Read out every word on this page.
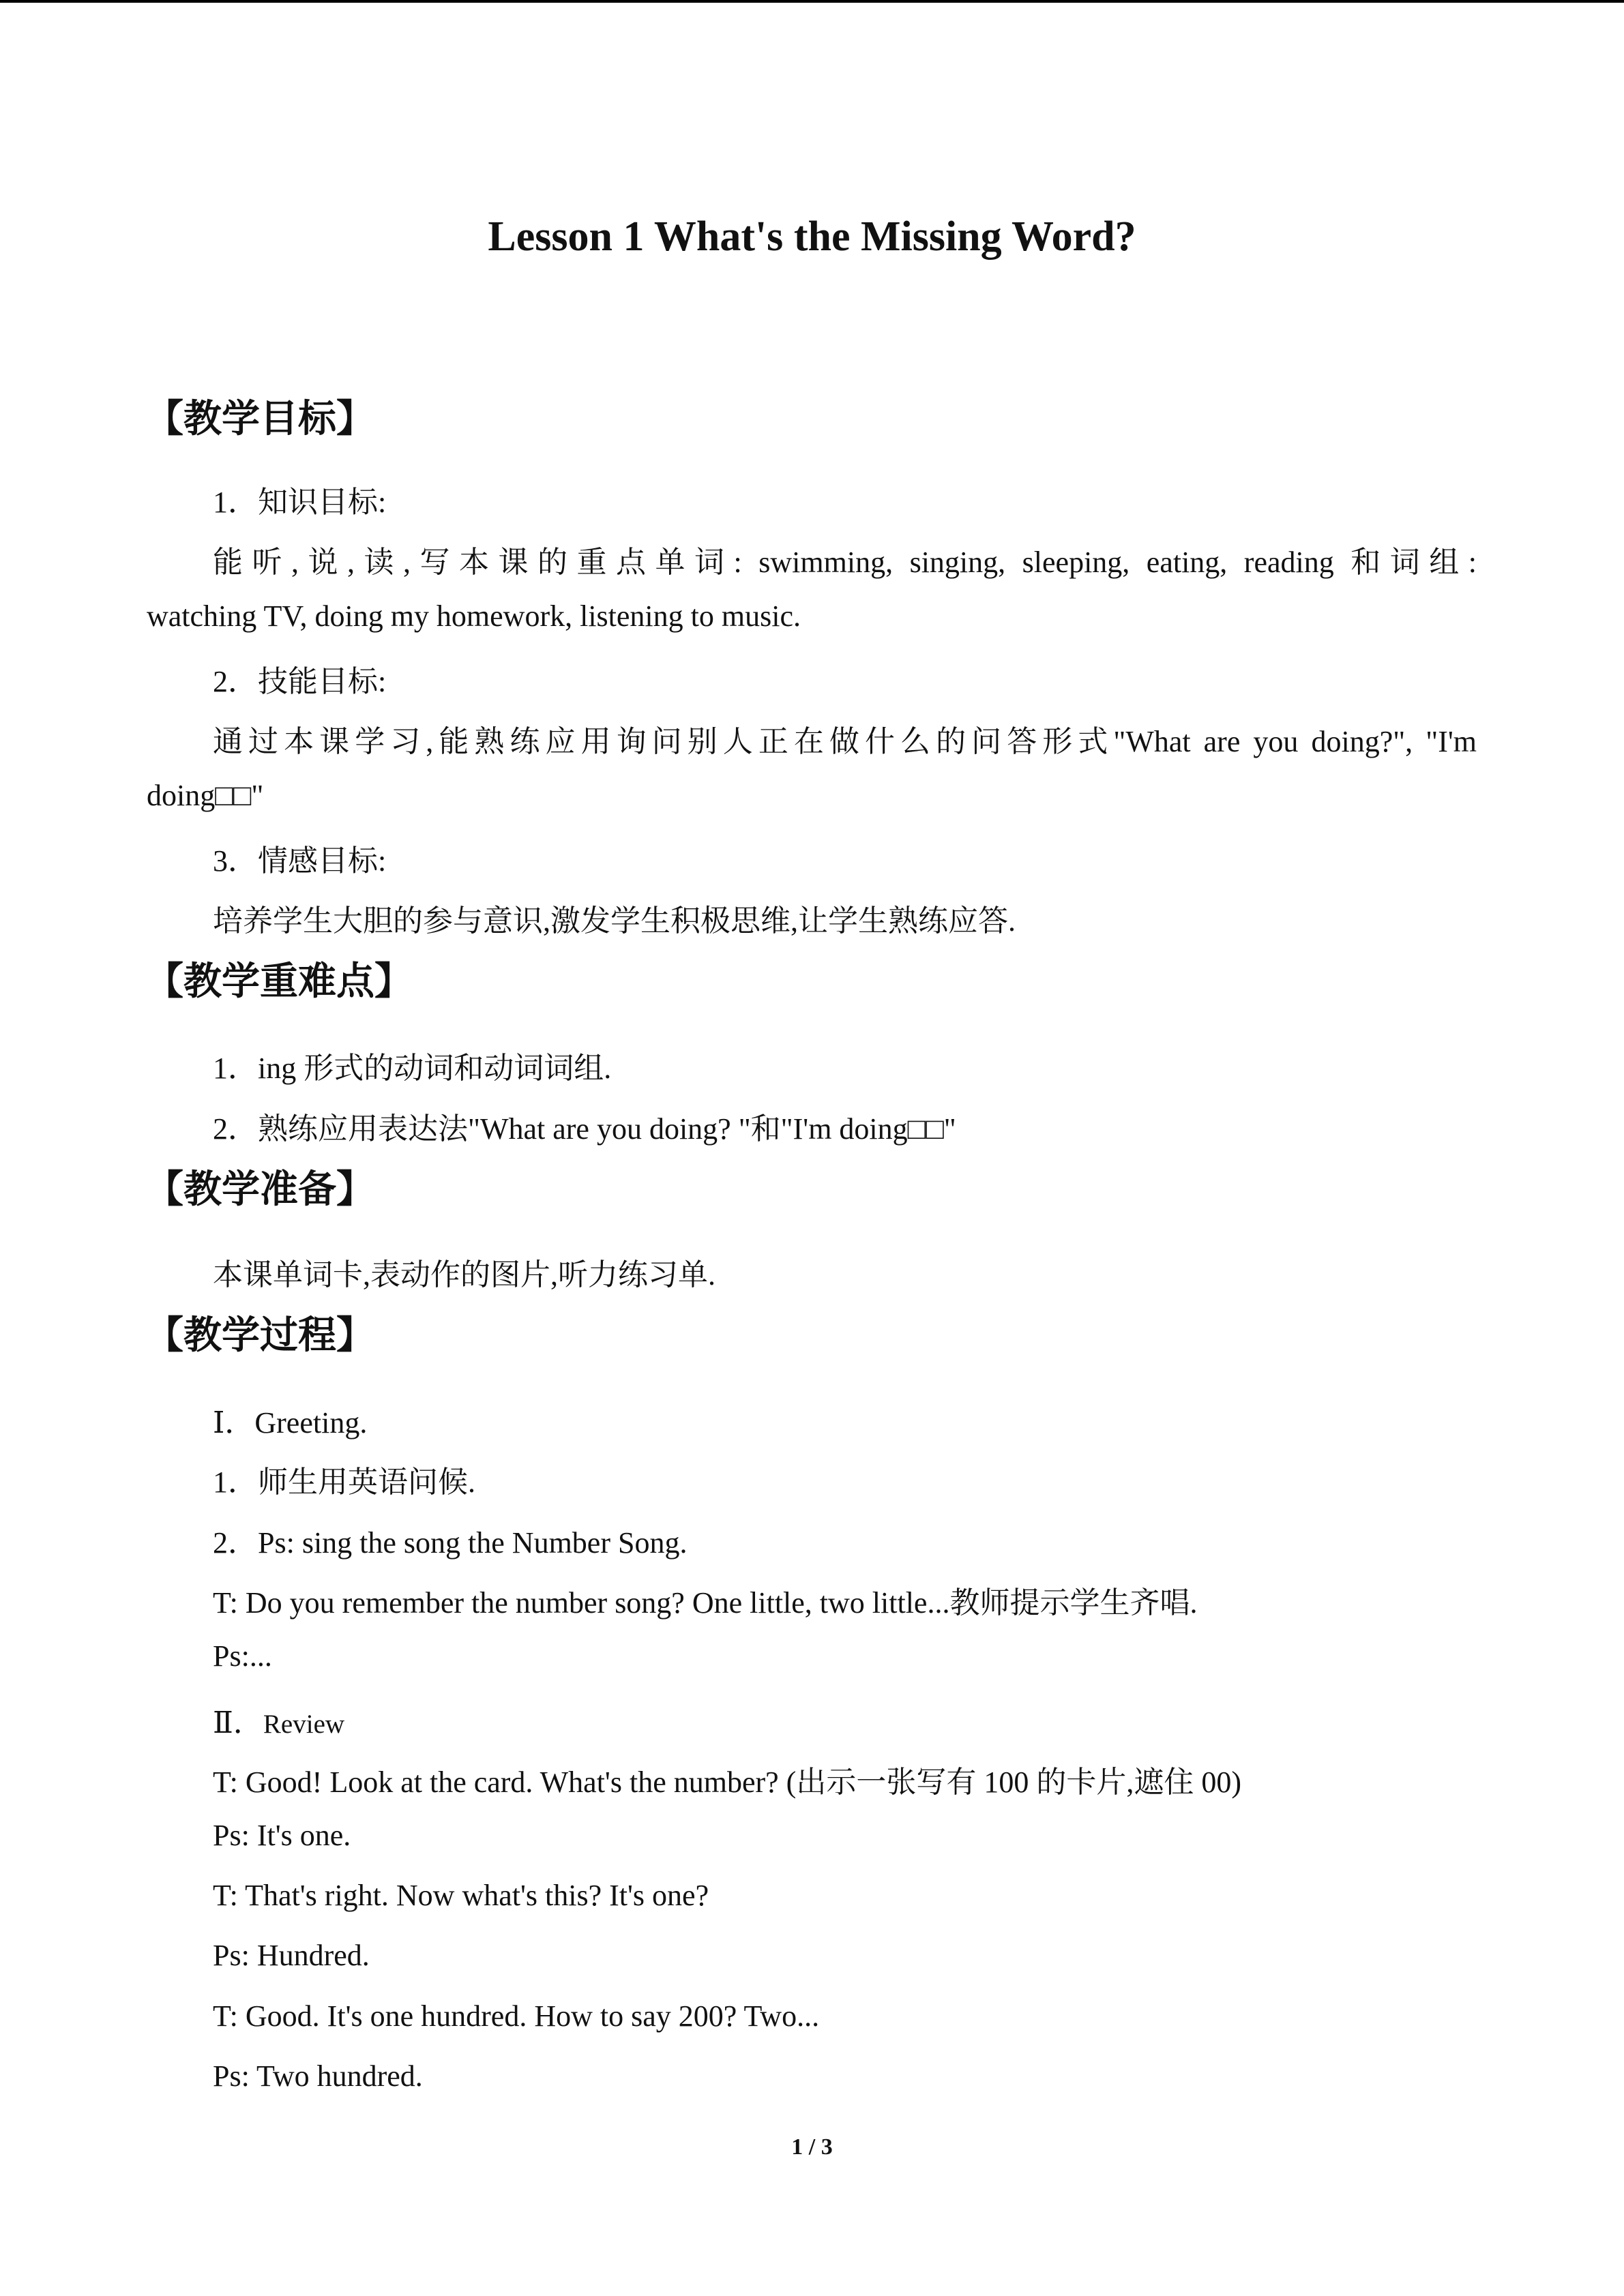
Lesson 1 What's the Missing Word?
【教学目标】
1．知识目标:
能听,说,读,写本课的重点单词: swimming, singing, sleeping, eating, reading 和词组:
watching TV, doing my homework, listening to music.
2．技能目标:
通过本课学习,能熟练应用询问别人正在做什么的问答形式"What are you doing?", "I'm
doing□□"
3．情感目标:
培养学生大胆的参与意识,激发学生积极思维,让学生熟练应答.
【教学重难点】
1．ing 形式的动词和动词词组.
2．熟练应用表达法"What are you doing? "和"I'm doing□□"
【教学准备】
本课单词卡,表动作的图片,听力练习单.
【教学过程】
Ⅰ．Greeting.
1．师生用英语问候.
2．Ps: sing the song the Number Song.
T: Do you remember the number song? One little, two little...教师提示学生齐唱.
Ps:...
Ⅱ．Review
T: Good! Look at the card. What's the number? (出示一张写有 100 的卡片,遮住 00)
Ps: It's one.
T: That's right. Now what's this? It's one?
Ps: Hundred.
T: Good. It's one hundred. How to say 200? Two...
Ps: Two hundred.
1 / 3
